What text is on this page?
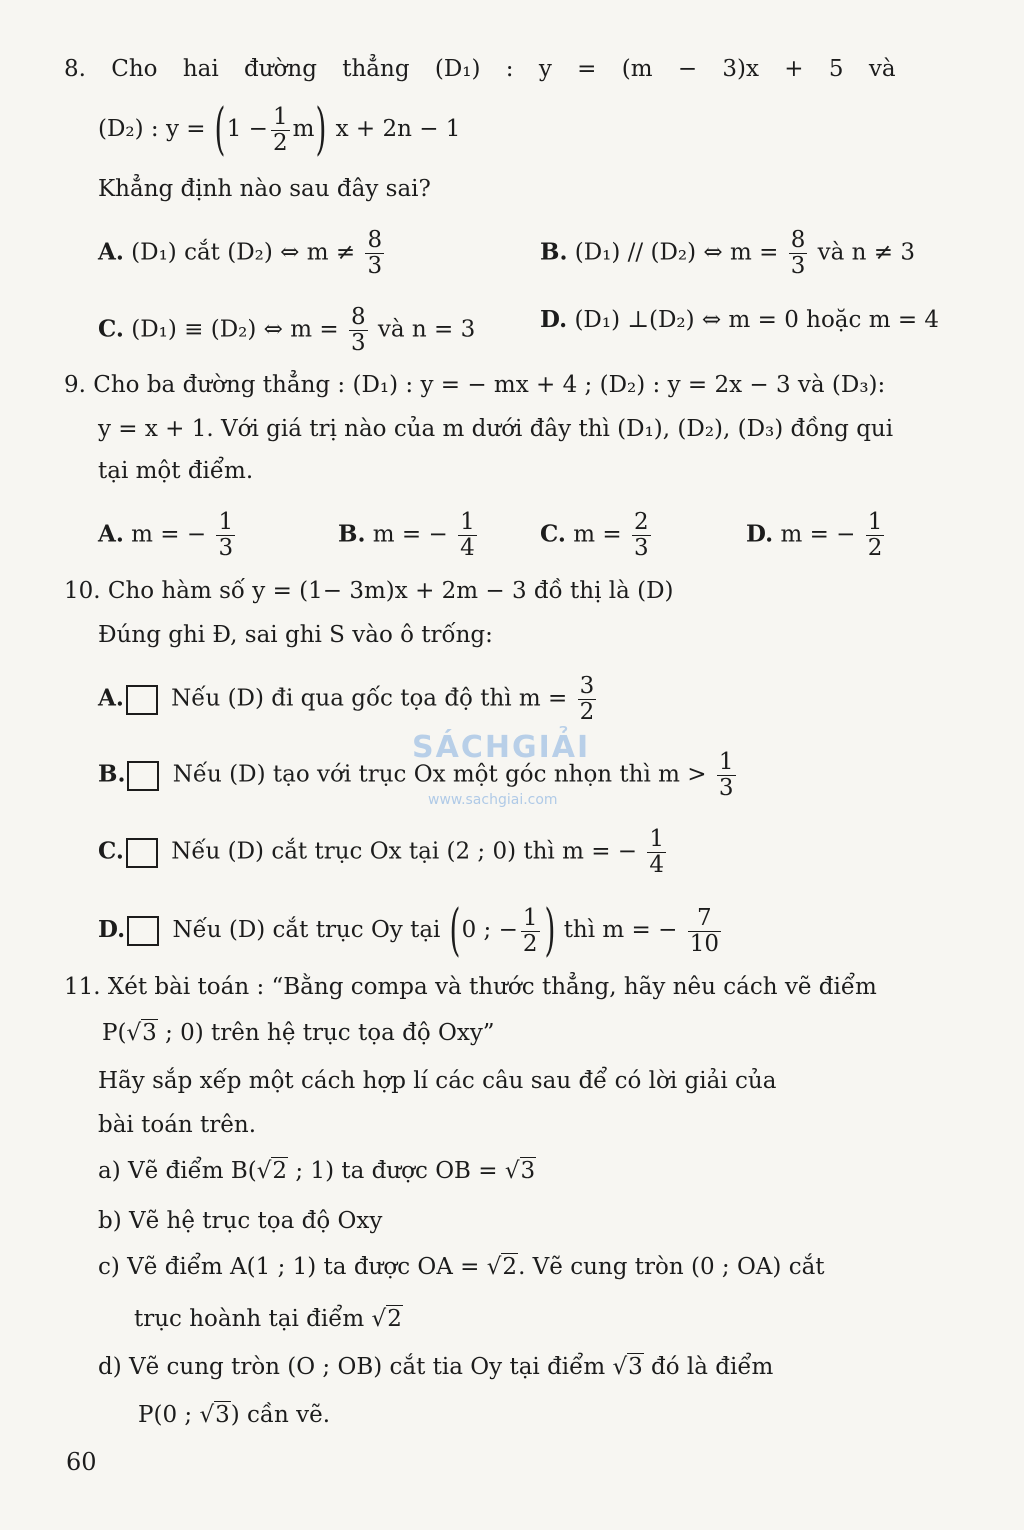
8. Cho hai đường thẳng (D₁) : y = (m − 3)x + 5 và
(D₂) : $y = (1 - \frac{1}{2} m)$ x + 2n − 1
Khẳng định nào sau đây sai?
A. (D₁) cắt (D₂) ⇔ $m \ne \frac{8}{3}$	B. (D₁) // (D₂) ⇔ $m = \frac{8}{3}$ và n ≠ 3
C. (D₁) ≡ (D₂) ⇔ $m = \frac{8}{3}$ và n = 3	D. (D₁) ⊥(D₂) ⇔ m = 0 hoặc m = 4
9. Cho ba đường thẳng : (D₁) : y = − mx + 4 ; (D₂) : y = 2x − 3 và (D₃):
y = x + 1. Với giá trị nào của m dưới đây thì (D₁), (D₂), (D₃) đồng qui
tại một điểm.
A. m = − $\frac{1}{3}$	B. m = − $\frac{1}{4}$	C. $m = \frac{2}{3}$	D. m = − $\frac{1}{2}$
10. Cho hàm số y = (1− 3m)x + 2m − 3 đồ thị là (D)
Đúng ghi Đ, sai ghi S vào ô trống:
A. Nếu (D) đi qua gốc tọa độ thì $m = \frac{3}{2}$
B. Nếu (D) tạo với trục Ox một góc nhọn thì $m > \frac{1}{3}$
C. Nếu (D) cắt trục Ox tại (2 ; 0) thì m = − $\frac{1}{4}$
D. Nếu (D) cắt trục Oy tại (0 ; − $\frac{1}{2}$ ) thì m = − $\frac{7}{10}$
11. Xét bài toán : “Bằng compa và thước thẳng, hãy nêu cách vẽ điểm
P(√3 ; 0) trên hệ trục tọa độ Oxy”
Hãy sắp xếp một cách hợp lí các câu sau để có lời giải của
bài toán trên.
a) Vẽ điểm B(√2 ; 1) ta được OB = √3
b) Vẽ hệ trục tọa độ Oxy
c) Vẽ điểm A(1 ; 1) ta được OA = √2. Vẽ cung tròn (0 ; OA) cắt
trục hoành tại điểm √2
d) Vẽ cung tròn (O ; OB) cắt tia Oy tại điểm √3 đó là điểm
P(0 ; √3) cần vẽ.
SÁCHGIẢI
www.sachgiai.com
60
